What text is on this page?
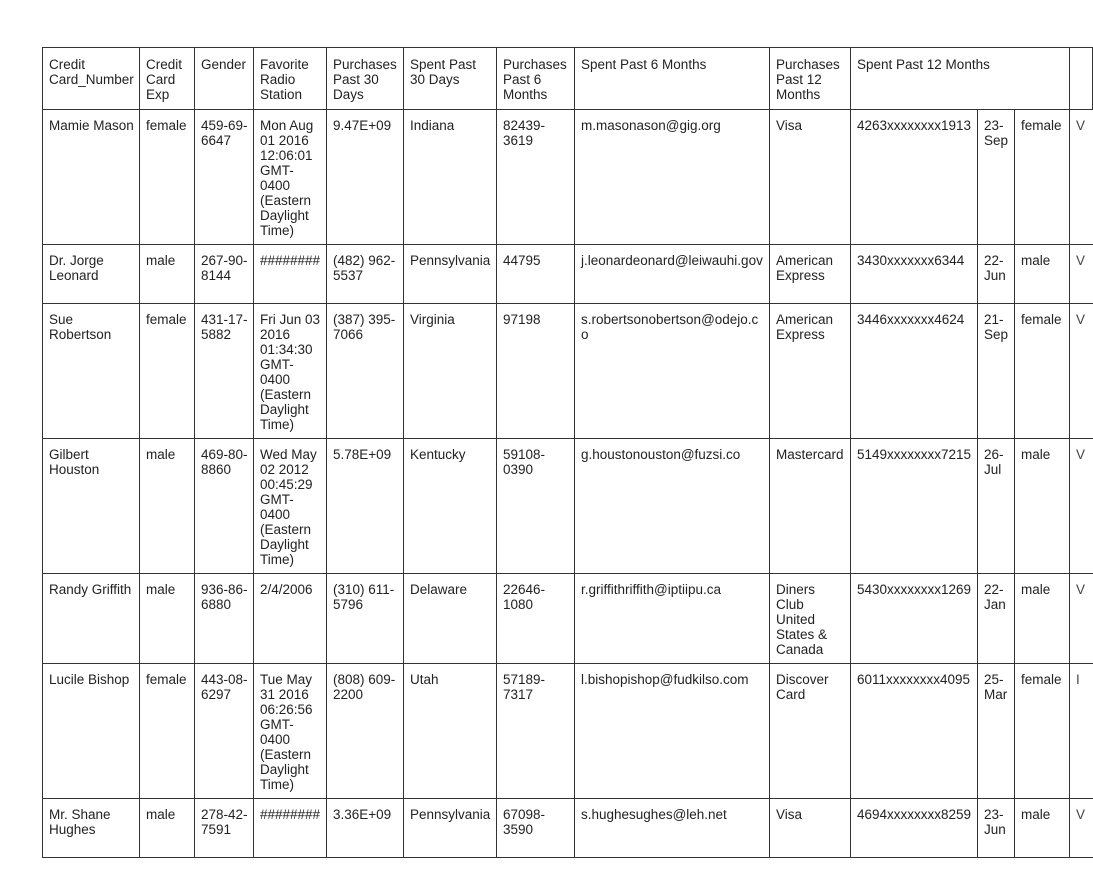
Credit Card_Number	Credit Card Exp	Gender	Favorite Radio Station	Purchases Past 30 Days	Spent Past 30 Days	Purchases Past 6 Months	Spent Past 6 Months	Purchases Past 12 Months	Spent Past 12 Months			
Mamie Mason	female	459-69-6647	Mon Aug 01 2016 12:06:01 GMT-0400 (Eastern Daylight Time)	9.47E+09	Indiana	82439-3619	m.masonason@gig.org	Visa	4263xxxxxxxx1913	23-Sep	female	V
Dr. Jorge Leonard	male	267-90-8144	########	(482) 962-5537	Pennsylvania	44795	j.leonardeonard@leiwauhi.gov	American Express	3430xxxxxxx6344	22-Jun	male	V
Sue Robertson	female	431-17-5882	Fri Jun 03 2016 01:34:30 GMT-0400 (Eastern Daylight Time)	(387) 395-7066	Virginia	97198	s.robertsonobertson@odejo.co	American Express	3446xxxxxxx4624	21-Sep	female	V
Gilbert Houston	male	469-80-8860	Wed May 02 2012 00:45:29 GMT-0400 (Eastern Daylight Time)	5.78E+09	Kentucky	59108-0390	g.houstonouston@fuzsi.co	Mastercard	5149xxxxxxxx7215	26-Jul	male	V
Randy Griffith	male	936-86-6880	2/4/2006	(310) 611-5796	Delaware	22646-1080	r.griffithriffith@iptiipu.ca	Diners Club United States & Canada	5430xxxxxxxx1269	22-Jan	male	V
Lucile Bishop	female	443-08-6297	Tue May 31 2016 06:26:56 GMT-0400 (Eastern Daylight Time)	(808) 609-2200	Utah	57189-7317	l.bishopishop@fudkilso.com	Discover Card	6011xxxxxxxx4095	25-Mar	female	I
Mr. Shane Hughes	male	278-42-7591	########	3.36E+09	Pennsylvania	67098-3590	s.hughesughes@leh.net	Visa	4694xxxxxxxx8259	23-Jun	male	V
